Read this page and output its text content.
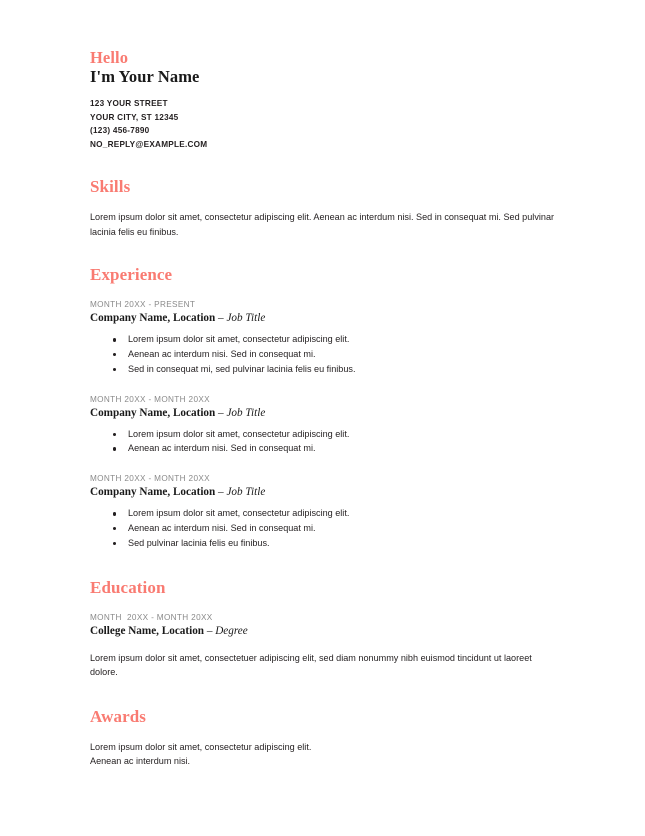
Hello
I'm Your Name
123 YOUR STREET
YOUR CITY, ST 12345
(123) 456-7890
NO_REPLY@EXAMPLE.COM
Skills

Lorem ipsum dolor sit amet, consectetur adipiscing elit. Aenean ac interdum nisi. Sed in consequat mi. Sed pulvinar lacinia felis eu finibus.

Experience
MONTH 20XX - PRESENT
Company Name, Location – Job Title
Lorem ipsum dolor sit amet, consectetur adipiscing elit.
Aenean ac interdum nisi. Sed in consequat mi.
Sed in consequat mi, sed pulvinar lacinia felis eu finibus.
MONTH 20XX - MONTH 20XX
Company Name, Location – Job Title
Lorem ipsum dolor sit amet, consectetur adipiscing elit.
Aenean ac interdum nisi. Sed in consequat mi.
MONTH 20XX - MONTH 20XX
Company Name, Location – Job Title
Lorem ipsum dolor sit amet, consectetur adipiscing elit.
Aenean ac interdum nisi. Sed in consequat mi.
Sed pulvinar lacinia felis eu finibus.
Education
MONTH  20XX - MONTH 20XX
College Name, Location – Degree

Lorem ipsum dolor sit amet, consectetuer adipiscing elit, sed diam nonummy nibh euismod tincidunt ut laoreet dolore.

Awards
Lorem ipsum dolor sit amet, consectetur adipiscing elit.
Aenean ac interdum nisi.
